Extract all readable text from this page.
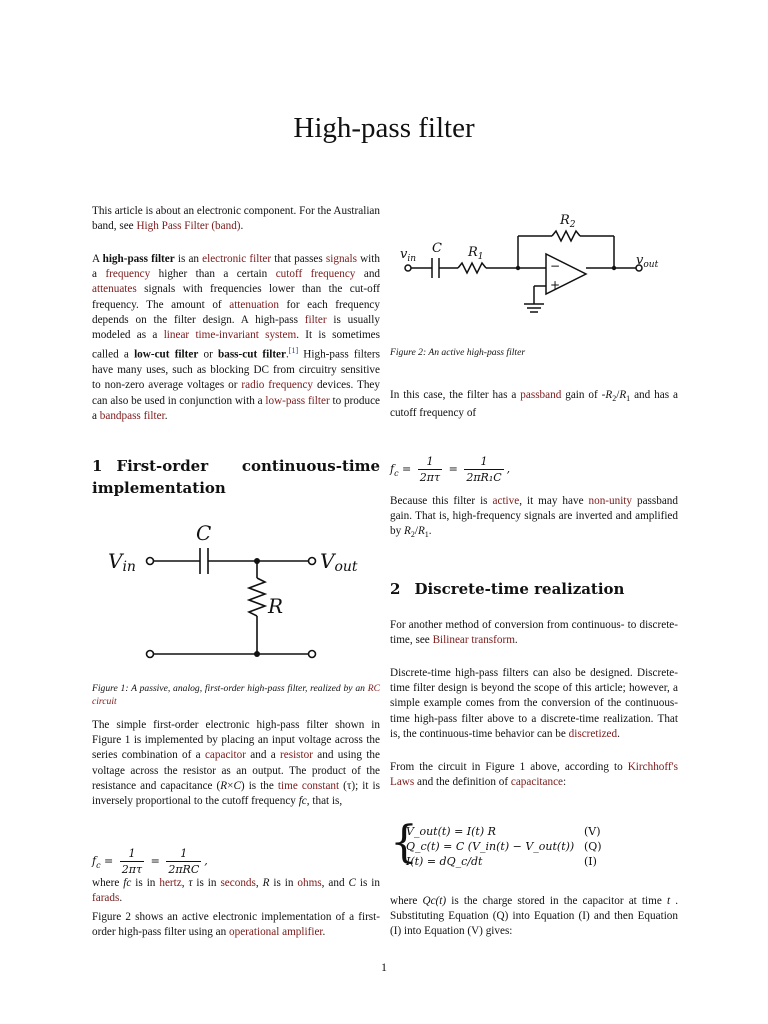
High-pass filter

This article is about an electronic component. For the Australian band, see High Pass Filter (band).

A high-pass filter is an electronic filter that passes signals with a frequency higher than a certain cutoff frequency and attenuates signals with frequencies lower than the cut-off frequency. The amount of attenuation for each frequency depends on the filter design. A high-pass filter is usually modeled as a linear time-invariant system. It is sometimes called a low-cut filter or bass-cut filter.[1] High-pass filters have many uses, such as blocking DC from circuitry sensitive to non-zero average voltages or radio frequency devices. They can also be used in conjunction with a low-pass filter to produce a bandpass filter.

1 First-order continuous-time implementation
C
R
Vin	Vout

Figure 1: A passive, analog, first-order high-pass filter, realized by an RC circuit

The simple first-order electronic high-pass filter shown in Figure 1 is implemented by placing an input voltage across the series combination of a capacitor and a resistor and using the voltage across the resistor as an output. The product of the resistance and capacitance (R×C) is the time constant (τ); it is inversely proportional to the cutoff frequency fc, that is,

$f_c = \frac{1}{2\pi\tau} = \frac{1}{\text{2πRC}}$ ,

where fc is in hertz, τ is in seconds, R is in ohms, and C is in farads.

Figure 2 shows an active electronic implementation of a first-order high-pass filter using an operational amplifier.

C $R_1$
$R_2$
$v_{in}$	$v_{out}$
−
+

Figure 2: An active high-pass filter

In this case, the filter has a passband gain of $-R_2/R_1$ and has a cutoff frequency of

$f_c = \frac{1}{2\pi\tau} = \frac{1}{\text{2πR₁C}}$ ,

Because this filter is active, it may have non-unity passband gain. That is, high-frequency signals are inverted and amplified by $R_2/R_1$.

2 Discrete-time realization

For another method of conversion from continuous- to discrete-time, see Bilinear transform.

Discrete-time high-pass filters can also be designed. Discrete-time filter design is beyond the scope of this article; however, a simple example comes from the conversion of the continuous-time high-pass filter above to a discrete-time realization. That is, the continuous-time behavior can be discretized.

From the circuit in Figure 1 above, according to Kirchhoff's Laws and the definition of capacitance:

{
V_out(t) = I(t) R	(V)
Q_c(t) = C (V_in(t) − V_out(t))	(Q)
I(t) = dQ_c/dt	(I)

where Qc(t) is the charge stored in the capacitor at time t . Substituting Equation (Q) into Equation (I) and then Equation (I) into Equation (V) gives:

1
